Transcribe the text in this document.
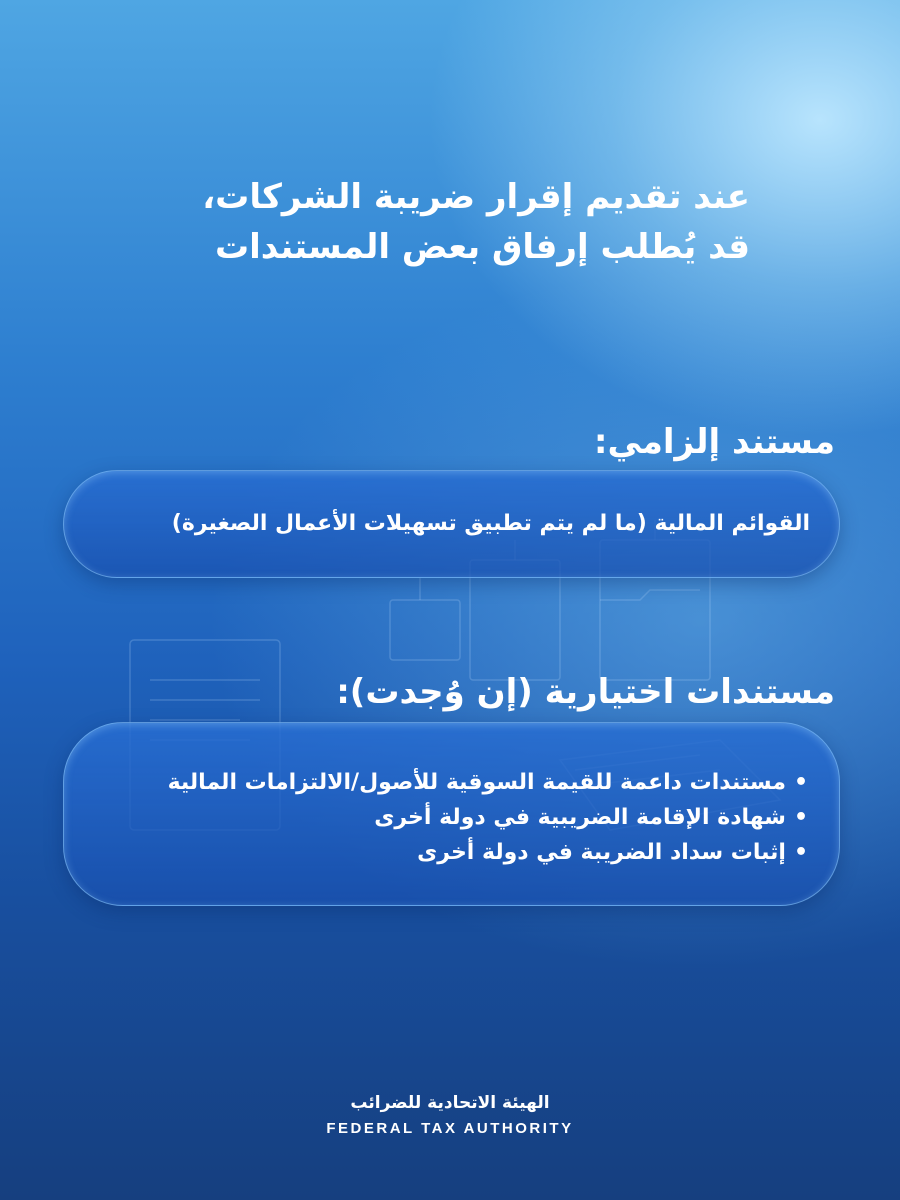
عند تقديم إقرار ضريبة الشركات،
قد يُطلب إرفاق بعض المستندات
مستند إلزامي:
القوائم المالية (ما لم يتم تطبيق تسهيلات الأعمال الصغيرة)
مستندات اختيارية (إن وُجدت):
• مستندات داعمة للقيمة السوقية للأصول/الالتزامات المالية
• شهادة الإقامة الضريبية في دولة أخرى
• إثبات سداد الضريبة في دولة أخرى
الهيئة الاتحادية للضرائب
FEDERAL TAX AUTHORITY
